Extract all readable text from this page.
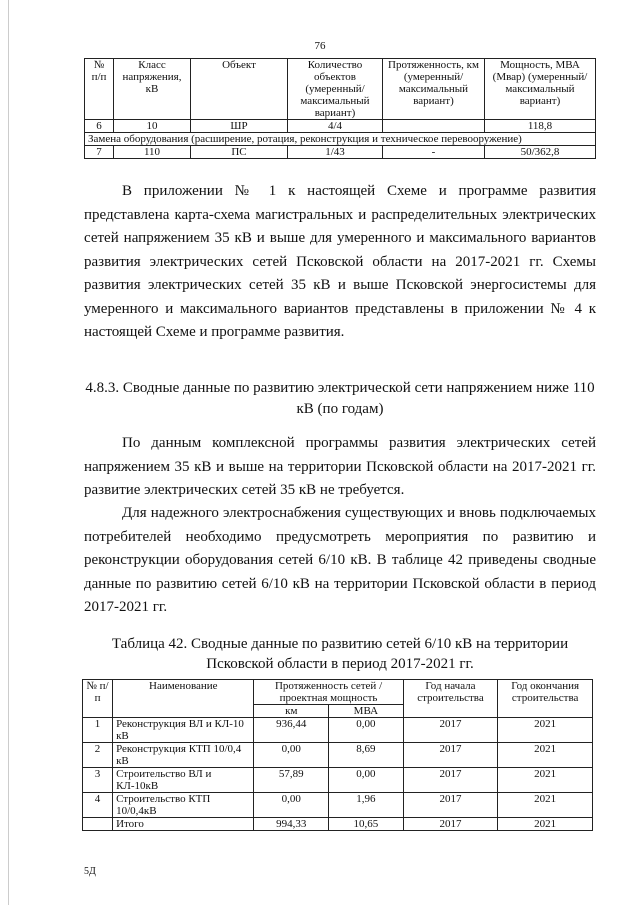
76
№ п/п	Класс напряжения, кВ	Объект	Количество объектов (умеренный/ максимальный вариант)	Протяженность, км (умеренный/ максимальный вариант)	Мощность, МВА (Мвар) (умеренный/ максимальный вариант)
6	10	ШР	4/4		118,8
Замена оборудования (расширение, ротация, реконструкция и техническое перевооружение)					
7	110	ПС	1/43	-	50/362,8

В приложении № 1 к настоящей Схеме и программе развития представлена карта-схема магистральных и распределительных электрических сетей напряжением 35 кВ и выше для умеренного и максимального вариантов развития электрических сетей Псковской области на 2017-2021 гг. Схемы развития электрических сетей 35 кВ и выше Псковской энергосистемы для умеренного и максимального вариантов представлены в приложении № 4 к настоящей Схеме и программе развития.

4.8.3. Сводные данные по развитию электрической сети напряжением ниже 110 кВ (по годам)

По данным комплексной программы развития электрических сетей напряжением 35 кВ и выше на территории Псковской области на 2017-2021 гг. развитие электрических сетей 35 кВ не требуется.

Для надежного электроснабжения существующих и вновь подключаемых потребителей необходимо предусмотреть мероприятия по развитию и реконструкции оборудования сетей 6/10 кВ. В таблице 42 приведены сводные данные по развитию сетей 6/10 кВ на территории Псковской области в период 2017-2021 гг.

Таблица 42. Сводные данные по развитию сетей 6/10 кВ на территории Псковской области в период 2017-2021 гг.

№ п/п	Наименование	Протяженность сетей / проектная мощность		Год начала строительства	Год окончания строительства
		км	МВА		
1	Реконструкция ВЛ и КЛ-10 кВ	936,44	0,00	2017	2021
2	Реконструкция КТП 10/0,4 кВ	0,00	8,69	2017	2021
3	Строительство ВЛ и КЛ-10кВ	57,89	0,00	2017	2021
4	Строительство КТП 10/0,4кВ	0,00	1,96	2017	2021
	Итого	994,33	10,65	2017	2021
5Д
